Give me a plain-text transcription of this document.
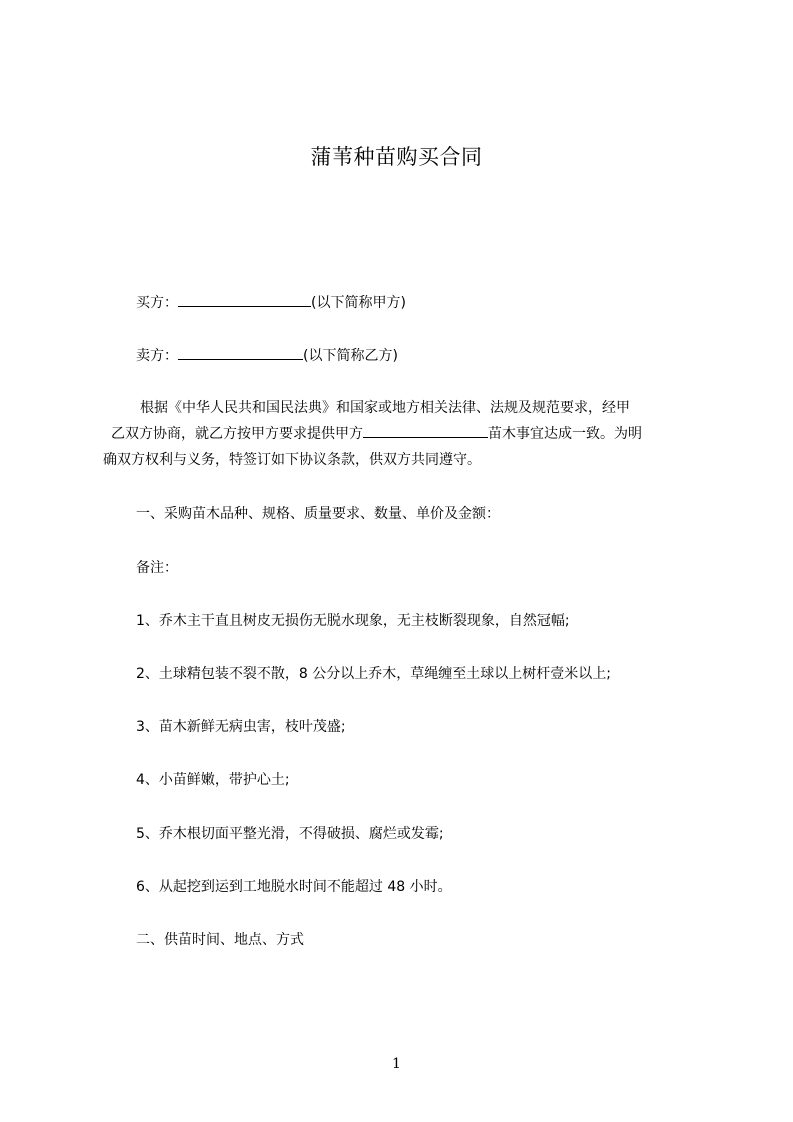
蒲苇种苗购买合同
买方：	(以下简称甲方)
卖方：	(以下简称乙方)
根据《中华人民共和国民法典》和国家或地方相关法律、法规及规范要求，经甲
乙双方协商，就乙方按甲方要求提供甲方	苗木事宜达成一致。为明
确双方权利与义务，特签订如下协议条款，供双方共同遵守。
一、采购苗木品种、规格、质量要求、数量、单价及金额：
备注：
1、乔木主干直且树皮无损伤无脱水现象，无主枝断裂现象，自然冠幅;
2、土球精包装不裂不散，8 公分以上乔木，草绳缠至土球以上树杆壹米以上;
3、苗木新鲜无病虫害，枝叶茂盛;
4、小苗鲜嫩，带护心土;
5、乔木根切面平整光滑，不得破损、腐烂或发霉;
6、从起挖到运到工地脱水时间不能超过 48 小时。
二、供苗时间、地点、方式
1
